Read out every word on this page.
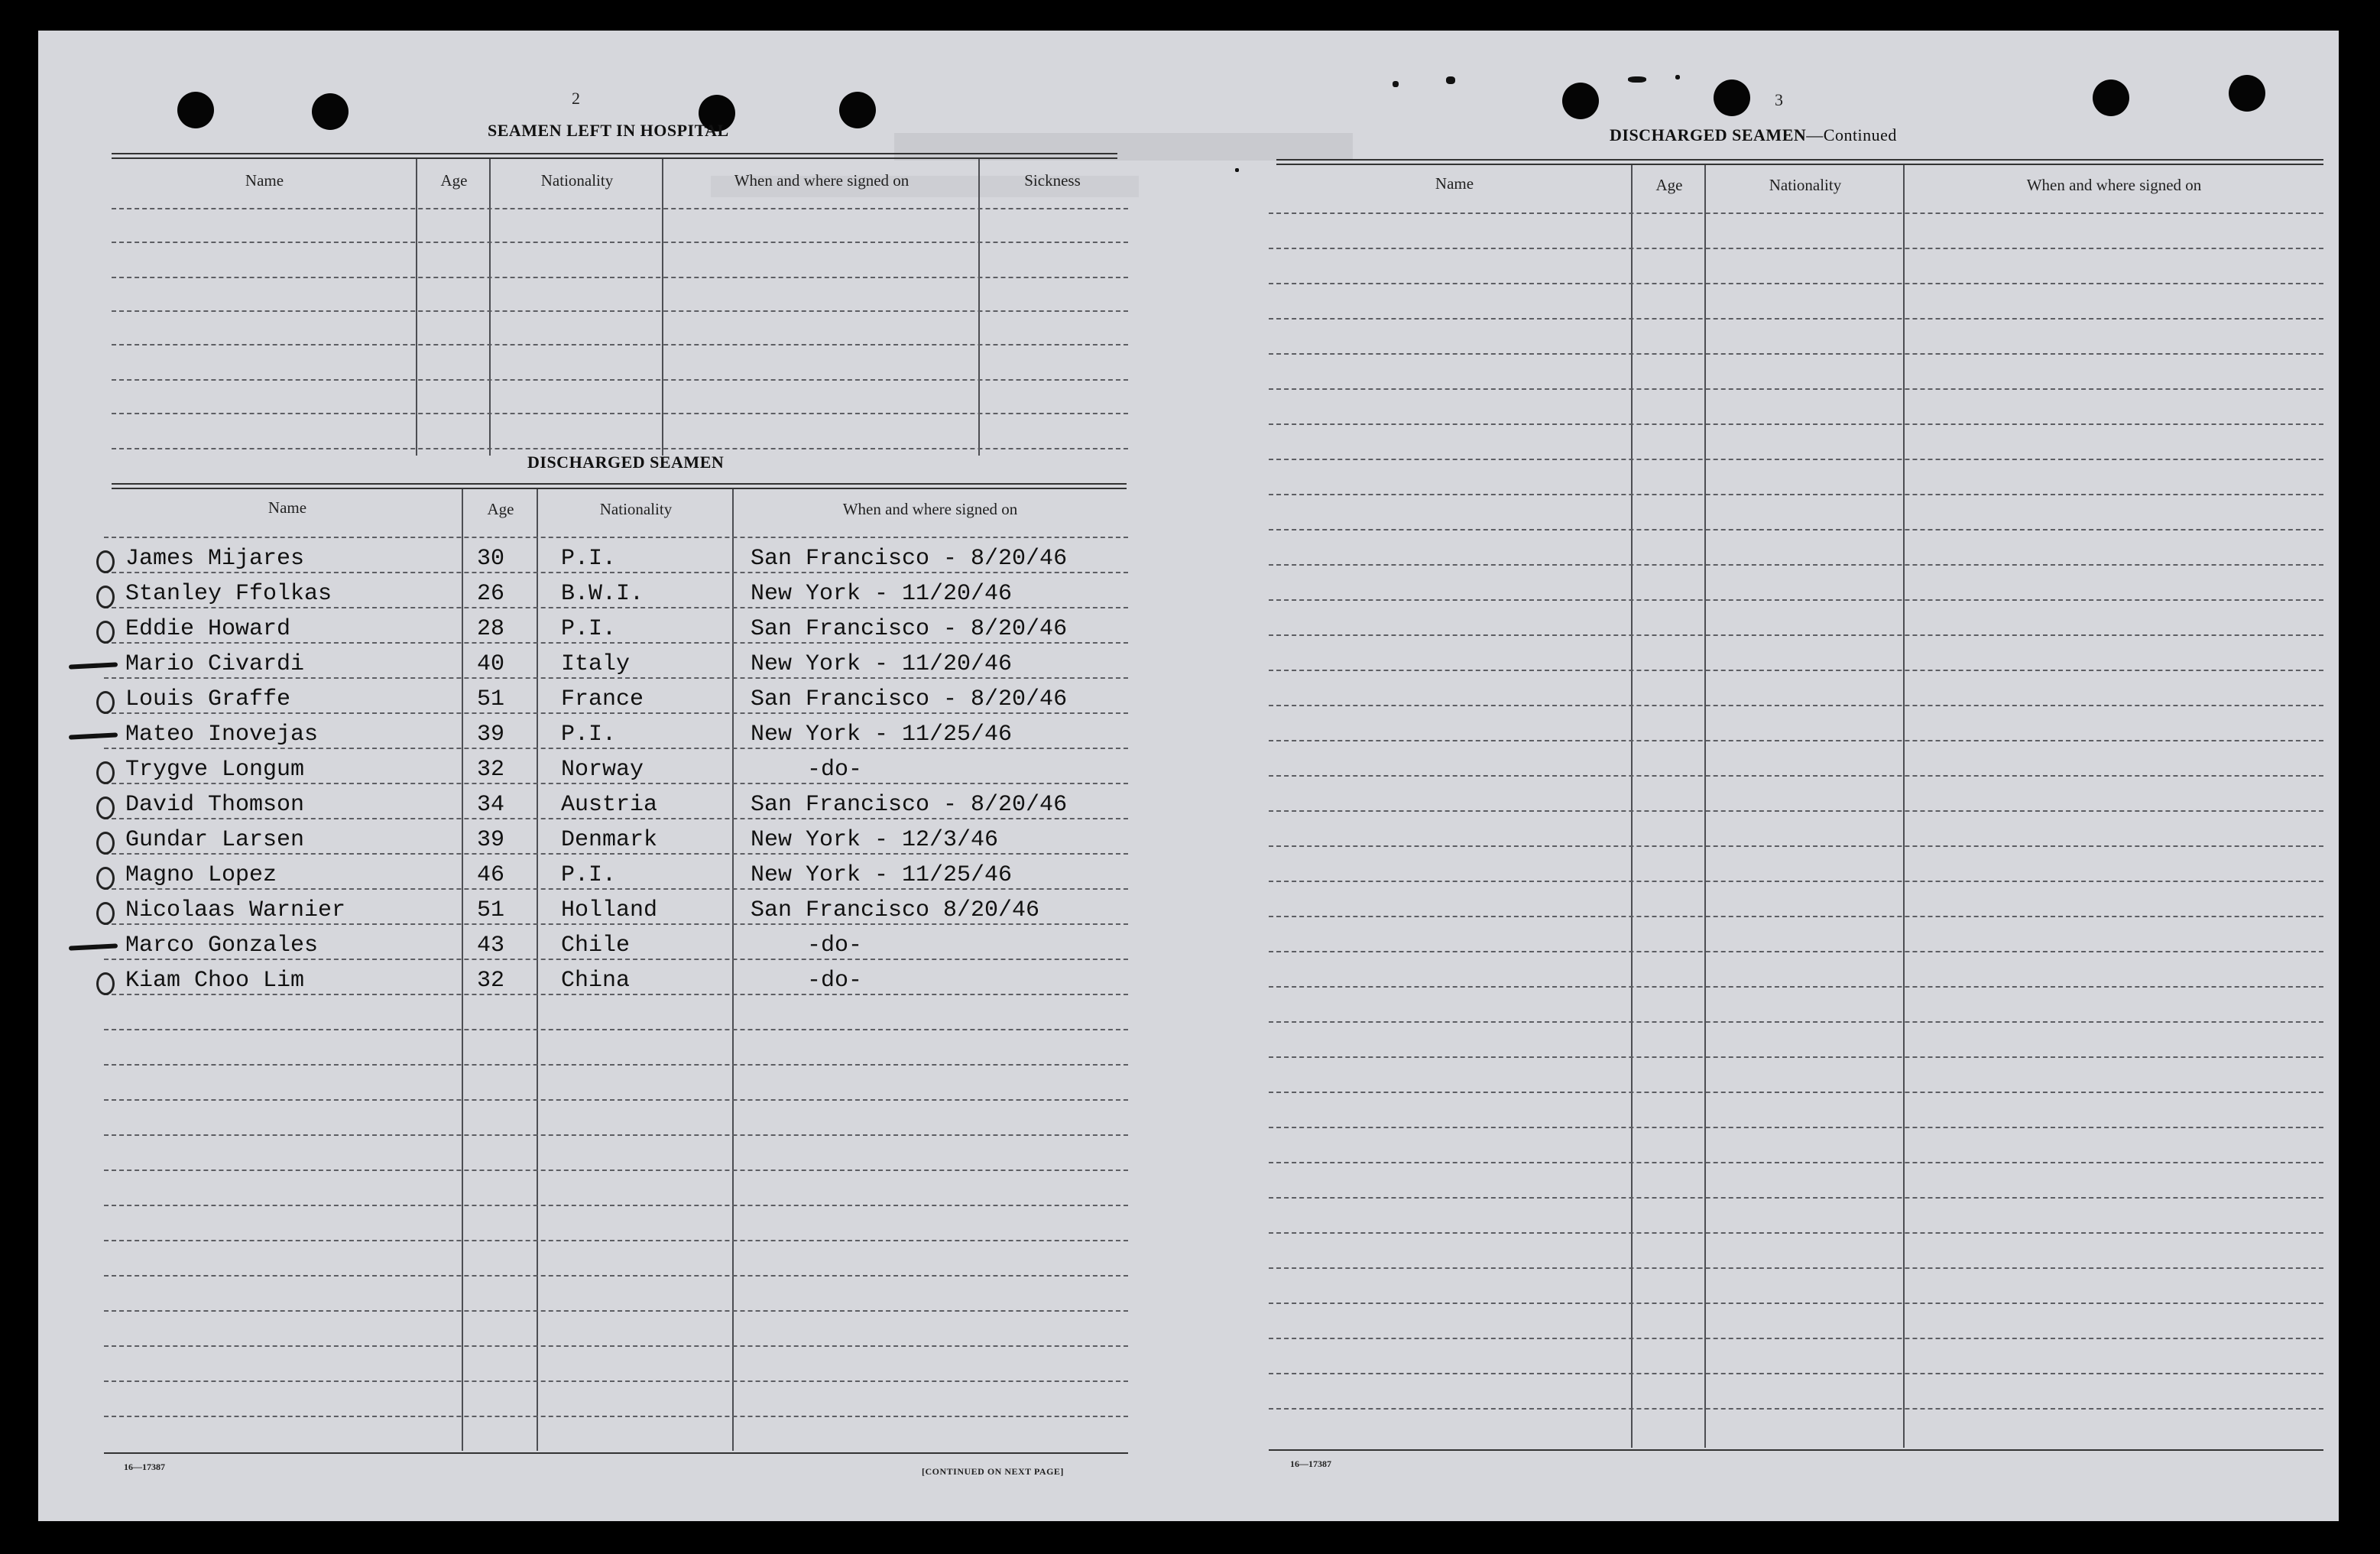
2
SEAMEN LEFT IN HOSPITAL
Name	Age	Nationality	When and where signed on	Sickness
DISCHARGED SEAMEN
Name	Age	Nationality	When and where signed on
James Mijares	30 P.I.	San Francisco - 8/20/46
Stanley Ffolkas	26 B.W.I.	New York - 11/20/46
Eddie Howard	28 P.I.	San Francisco - 8/20/46
Mario Civardi	40 Italy	New York - 11/20/46
Louis Graffe	51 France	San Francisco - 8/20/46
Mateo Inovejas	39 P.I.	New York - 11/25/46
Trygve Longum	32 Norway	-do-
David Thomson	34 Austria	San Francisco - 8/20/46
Gundar Larsen	39 Denmark	New York - 12/3/46
Magno Lopez	46 P.I.	New York - 11/25/46
Nicolaas Warnier	51 Holland	San Francisco 8/20/46
Marco Gonzales	43 Chile	-do-
Kiam Choo Lim	32 China	-do-
16—17387	[CONTINUED ON NEXT PAGE]
3
DISCHARGED SEAMEN—Continued
Name	Age	Nationality	When and where signed on
16—17387
